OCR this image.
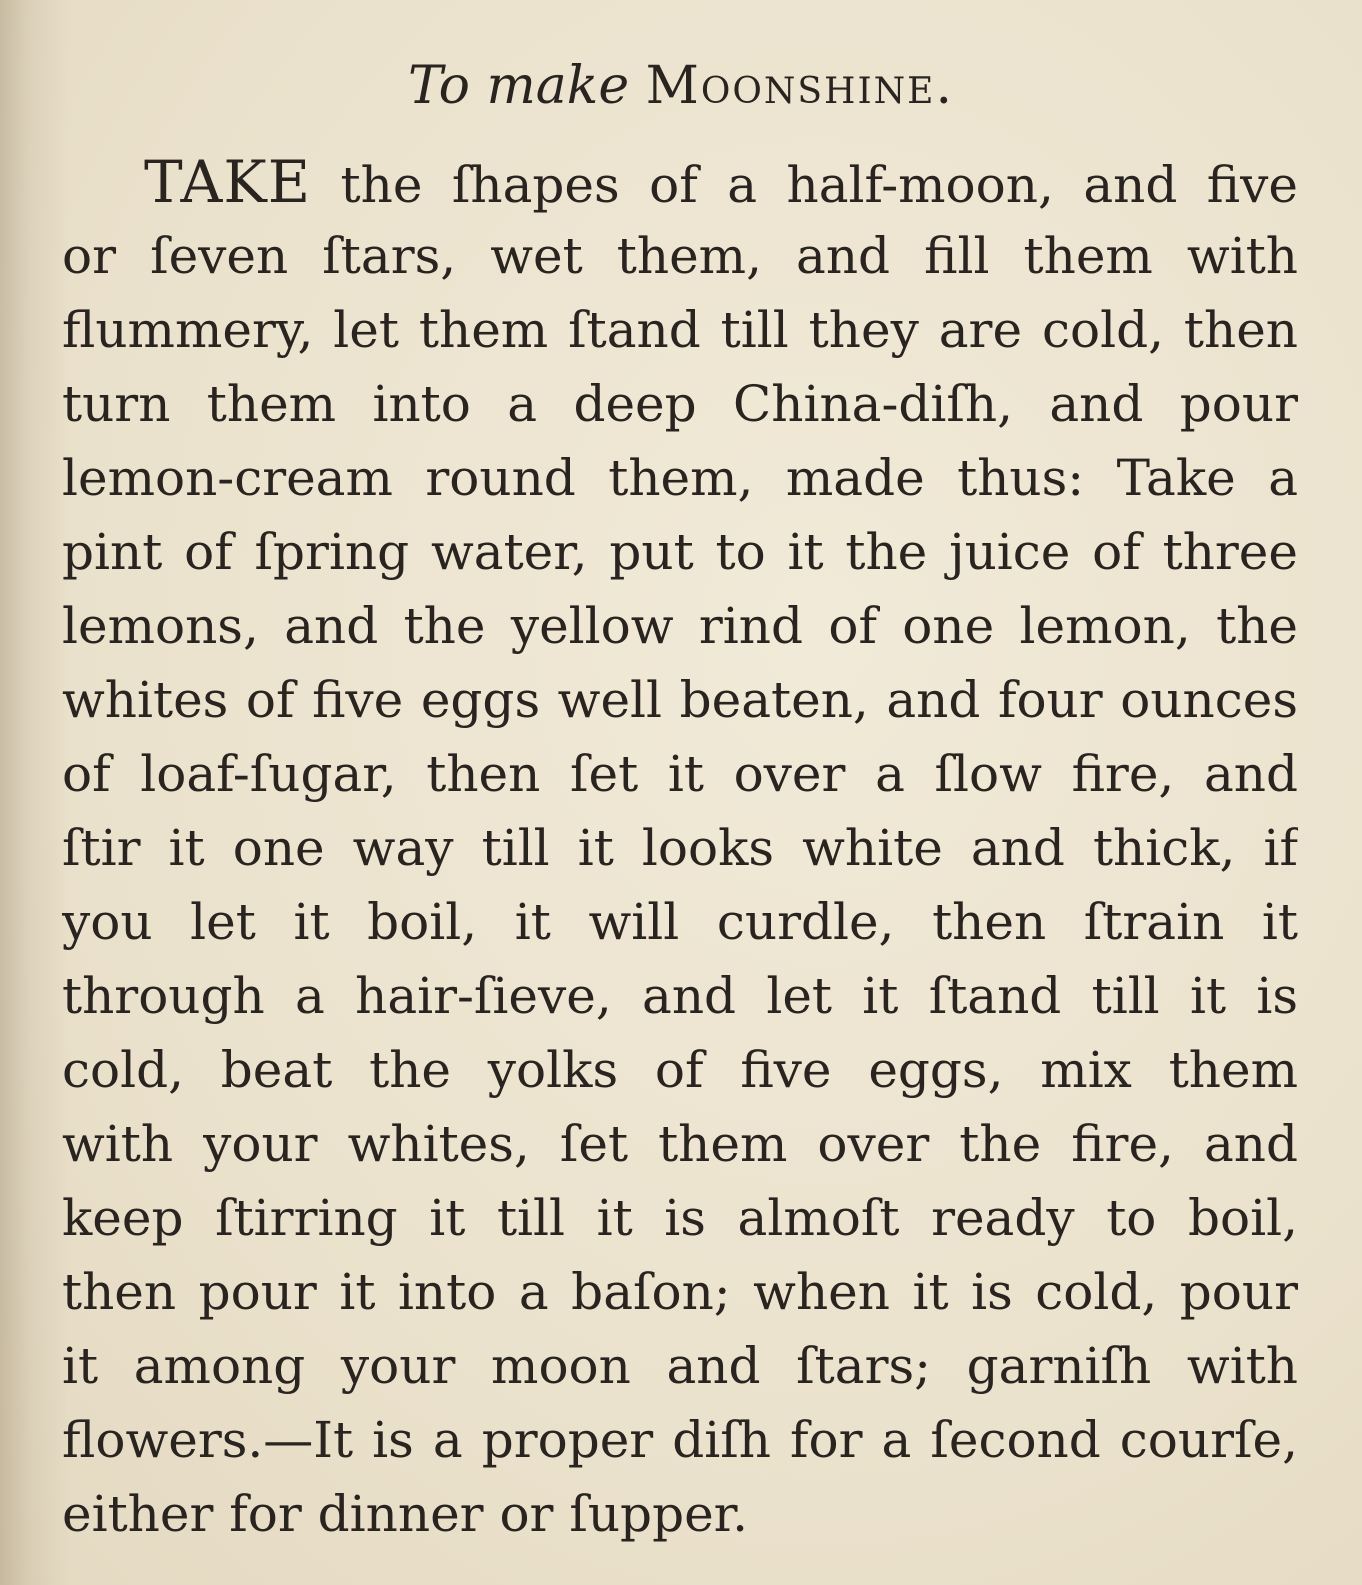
To make Moonshine.
TAKE the ſhapes of a half-moon, and five
or ſeven ſtars, wet them, and fill them with
flummery, let them ſtand till they are cold, then
turn them into a deep China-diſh, and pour
lemon-cream round them, made thus: Take a
pint of ſpring water, put to it the juice of three
lemons, and the yellow rind of one lemon, the
whites of five eggs well beaten, and four ounces
of loaf-ſugar, then ſet it over a ſlow fire, and
ſtir it one way till it looks white and thick, if
you let it boil, it will curdle, then ſtrain it
through a hair-ſieve, and let it ſtand till it is
cold, beat the yolks of five eggs, mix them
with your whites, ſet them over the fire, and
keep ſtirring it till it is almoſt ready to boil,
then pour it into a baſon; when it is cold, pour
it among your moon and ſtars; garniſh with
flowers.—It is a proper diſh for a ſecond courſe,
either for dinner or ſupper.
